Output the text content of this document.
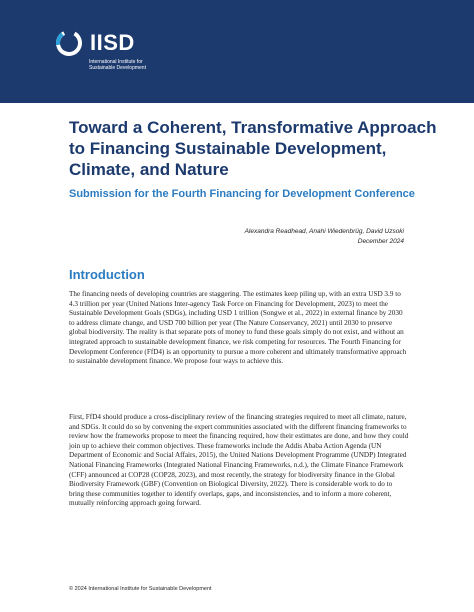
IISD
International Institute for
Sustainable Development
Toward a Coherent, Transformative Approach to Financing Sustainable Development, Climate, and Nature
Submission for the Fourth Financing for Development Conference
Alexandra Readhead, Anahi Wiedenbrüg, David Uzsoki
December 2024
Introduction

The financing needs of developing countries are staggering. The estimates keep piling up, with an extra USD 3.9 to 4.3 trillion per year (United Nations Inter-agency Task Force on Financing for Development, 2023) to meet the Sustainable Development Goals (SDGs), including USD 1 trillion (Songwe et al., 2022) in external finance by 2030 to address climate change, and USD 700 billion per year (The Nature Conservancy, 2021) until 2030 to preserve global biodiversity. The reality is that separate pots of money to fund these goals simply do not exist, and without an integrated approach to sustainable development finance, we risk competing for resources. The Fourth Financing for Development Conference (FfD4) is an opportunity to pursue a more coherent and ultimately transformative approach to sustainable development finance. We propose four ways to achieve this.

First, FfD4 should produce a cross-disciplinary review of the financing strategies required to meet all climate, nature, and SDGs. It could do so by convening the expert communities associated with the different financing frameworks to review how the frameworks propose to meet the financing required, how their estimates are done, and how they could join up to achieve their common objectives. These frameworks include the Addis Ababa Action Agenda (UN Department of Economic and Social Affairs, 2015), the United Nations Development Programme (UNDP) Integrated National Financing Frameworks (Integrated National Financing Frameworks, n.d.), the Climate Finance Framework (CFF) announced at COP28 (COP28, 2023), and most recently, the strategy for biodiversity finance in the Global Biodiversity Framework (GBF) (Convention on Biological Diversity, 2022). There is considerable work to do to bring these communities together to identify overlaps, gaps, and inconsistencies, and to inform a more coherent, mutually reinforcing approach going forward.

© 2024 International Institute for Sustainable Development
